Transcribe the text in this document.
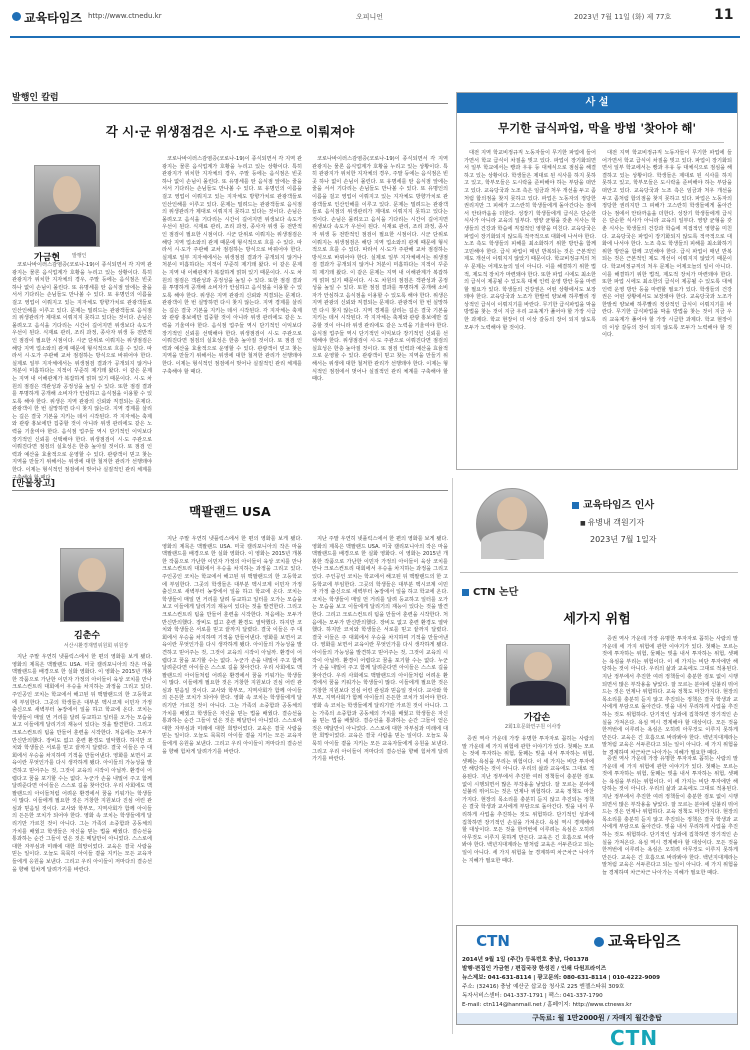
교육타임즈 http://www.ctnedu.kr	오피니언	2023년 7월 11일 (화) 제 77호	11
발행인 칼럼
각 시·군 위생점검은 시·도 주관으로 이뤄져야
가금현 발행인

코로나바이러스감염증(코로나-19)이 종식되면서 각 지역 관광지는 물론 음식업계가 호황을 누리고 있는 상황이다. 특히 관광지가 위치한 지자체의 경우, 주말 등에는 음식점은 빈곳 하나 없이 손님이 몰린다. 또 유명세를 탄 음식점 앞에는 줄을 서서 기다리는 손님들도 만나볼 수 있다. 또 유명인의 이름을 걸고 영업이 이뤄지고 있는 지자체도 방향가치로 관광객들로 인산인해를 이루고 있다. 문제는 밀려드는 관광객들로 음식점의 위생관리가 제대로 이뤄지지 못하고 있다는 것이다. 손님은 몰려오고 음식을 기다리는 시간이 길어지면 위생보다 속도가 우선이 된다. 식재료 관리, 조리 과정, 종사자 위생 등 전반적인 점검이 필요한 시점이다. 시군 단위로 이뤄지는 위생점검은 해당 지역 업소와의 관계 때문에 형식적으로 흐를 수 있다. 따라서 시·도가 주관해 교차 점검하는 방식으로 바뀌어야 한다. 실제로 일부 지자체에서는 위생점검 결과가 공개되지 않거나 처분이 미흡하다는 지적이 꾸준히 제기돼 왔다. 이 같은 문제는 지역 내 이해관계가 복잡하게 얽혀 있기 때문이다. 시·도 차원의 점검은 객관성과 공정성을 높일 수 있다. 또한 점검 결과를 투명하게 공개해 소비자가 안심하고 음식점을 이용할 수 있도록 해야 한다. 위생은 지역 관광의 신뢰와 직결되는 문제다. 관광객이 한 번 실망하면 다시 찾지 않는다. 지역 경제를 살리는 길은 결국 기본을 지키는 데서 시작된다. 각 지자체는 축제와 관광 홍보에만 집중할 것이 아니라 위생 관리에도 같은 노력을 기울여야 한다. 음식점 업주들 역시 단기적인 이익보다 장기적인 신뢰를 선택해야 한다. 위생점검이 시·도 주관으로 이뤄진다면 점검의 실효성은 한층 높아질 것이다. 또 점검 인력과 예산을 효율적으로 운영할 수 있다. 관광객이 믿고 찾는 지역을 만들기 위해서는 위생에 대한 철저한 관리가 선행돼야 한다. 이제는 형식적인 점검에서 벗어나 실질적인 관리 체계를 구축해야 할 때다.

코로나바이러스감염증(코로나-19)이 종식되면서 각 지역 관광지는 물론 음식업계가 호황을 누리고 있는 상황이다. 특히 관광지가 위치한 지자체의 경우, 주말 등에는 음식점은 빈곳 하나 없이 손님이 몰린다. 또 유명세를 탄 음식점 앞에는 줄을 서서 기다리는 손님들도 만나볼 수 있다. 또 유명인의 이름을 걸고 영업이 이뤄지고 있는 지자체도 방향가치로 관광객들로 인산인해를 이루고 있다. 문제는 밀려드는 관광객들로 음식점의 위생관리가 제대로 이뤄지지 못하고 있다는 것이다. 손님은 몰려오고 음식을 기다리는 시간이 길어지면 위생보다 속도가 우선이 된다. 식재료 관리, 조리 과정, 종사자 위생 등 전반적인 점검이 필요한 시점이다. 시군 단위로 이뤄지는 위생점검은 해당 지역 업소와의 관계 때문에 형식적으로 흐를 수 있다. 따라서 시·도가 주관해 교차 점검하는 방식으로 바뀌어야 한다. 실제로 일부 지자체에서는 위생점검 결과가 공개되지 않거나 처분이 미흡하다는 지적이 꾸준히 제기돼 왔다. 이 같은 문제는 지역 내 이해관계가 복잡하게 얽혀 있기 때문이다. 시·도 차원의 점검은 객관성과 공정성을 높일 수 있다. 또한 점검 결과를 투명하게 공개해 소비자가 안심하고 음식점을 이용할 수 있도록 해야 한다. 위생은 지역 관광의 신뢰와 직결되는 문제다. 관광객이 한 번 실망하면 다시 찾지 않는다. 지역 경제를 살리는 길은 결국 기본을 지키는 데서 시작된다. 각 지자체는 축제와 관광 홍보에만 집중할 것이 아니라 위생 관리에도 같은 노력을 기울여야 한다. 음식점 업주들 역시 단기적인 이익보다 장기적인 신뢰를 선택해야 한다. 위생점검이 시·도 주관으로 이뤄진다면 점검의 실효성은 한층 높아질 것이다. 또 점검 인력과 예산을 효율적으로 운영할 수 있다. 관광객이 믿고 찾는 지역을 만들기 위해서는 위생에 대한 철저한 관리가 선행돼야 한다. 이제는 형식적인 점검에서 벗어나 실질적인 관리 체계를 구축해야 할 때다.

코로나바이러스감염증(코로나-19)이 종식되면서 각 지역 관광지는 물론 음식업계가 호황을 누리고 있는 상황이다. 특히 관광지가 위치한 지자체의 경우, 주말 등에는 음식점은 빈곳 하나 없이 손님이 몰린다. 또 유명세를 탄 음식점 앞에는 줄을 서서 기다리는 손님들도 만나볼 수 있다. 또 유명인의 이름을 걸고 영업이 이뤄지고 있는 지자체도 방향가치로 관광객들로 인산인해를 이루고 있다. 문제는 밀려드는 관광객들로 음식점의 위생관리가 제대로 이뤄지지 못하고 있다는 것이다. 손님은 몰려오고 음식을 기다리는 시간이 길어지면 위생보다 속도가 우선이 된다. 식재료 관리, 조리 과정, 종사자 위생 등 전반적인 점검이 필요한 시점이다. 시군 단위로 이뤄지는 위생점검은 해당 지역 업소와의 관계 때문에 형식적으로 흐를 수 있다. 따라서 시·도가 주관해 교차 점검하는 방식으로 바뀌어야 한다. 실제로 일부 지자체에서는 위생점검 결과가 공개되지 않거나 처분이 미흡하다는 지적이 꾸준히 제기돼 왔다. 이 같은 문제는 지역 내 이해관계가 복잡하게 얽혀 있기 때문이다. 시·도 차원의 점검은 객관성과 공정성을 높일 수 있다. 또한 점검 결과를 투명하게 공개해 소비자가 안심하고 음식점을 이용할 수 있도록 해야 한다. 위생은 지역 관광의 신뢰와 직결되는 문제다. 관광객이 한 번 실망하면 다시 찾지 않는다. 지역 경제를 살리는 길은 결국 기본을 지키는 데서 시작된다. 각 지자체는 축제와 관광 홍보에만 집중할 것이 아니라 위생 관리에도 같은 노력을 기울여야 한다. 음식점 업주들 역시 단기적인 이익보다 장기적인 신뢰를 선택해야 한다. 위생점검이 시·도 주관으로 이뤄진다면 점검의 실효성은 한층 높아질 것이다. 또 점검 인력과 예산을 효율적으로 운영할 수 있다. 관광객이 믿고 찾는 지역을 만들기 위해서는 위생에 대한 철저한 관리가 선행돼야 한다. 이제는 형식적인 점검에서 벗어나 실질적인 관리 체계를 구축해야 할 때다.

사 설
무기한 급식파업, 막을 방법 '찾아야 해'

대전 지역 학교비정규직 노동자들이 무기한 파업에 들어가면서 학교 급식이 차질을 빚고 있다. 파업이 장기화되면서 일부 학교에서는 빵과 우유 등 대체식으로 점심을 해결하고 있는 상황이다. 학생들은 제대로 된 식사를 하지 못하고 있고, 학부모들은 도시락을 준비해야 하는 부담을 떠안고 있다. 교육당국과 노조 측은 임금과 처우 개선을 두고 좀처럼 합의점을 찾지 못하고 있다. 파업은 노동자의 정당한 권리지만 그 피해가 고스란히 학생들에게 돌아간다는 점에서 안타까움을 더한다. 성장기 학생들에게 급식은 단순한 식사가 아니라 교육의 일부다. 영양 균형을 갖춘 식사는 학생들의 건강과 학습에 직접적인 영향을 미친다. 교육당국은 파업이 장기화되지 않도록 적극적으로 대화에 나서야 한다. 노조 측도 학생들의 피해를 최소화하기 위한 방안을 함께 고민해야 한다. 급식 파업이 매년 반복되는 것은 근본적인 제도 개선이 이뤄지지 않았기 때문이다. 학교비정규직의 처우 문제는 어제오늘의 일이 아니다. 이를 해결하기 위한 법적, 제도적 장치가 마련돼야 한다. 또한 파업 시에도 최소한의 급식이 제공될 수 있도록 대체 인력 운영 방안 등을 마련할 필요가 있다. 학생들의 건강권은 어떤 상황에서도 보장돼야 한다. 교육당국과 노조가 한발씩 양보해 하루빨리 정상적인 급식이 이뤄지기를 바란다. 무기한 급식파업을 막을 방법을 찾는 것이 지금 우리 교육계가 풀어야 할 가장 시급한 과제다. 학교 현장이 더 이상 갈등의 장이 되지 않도록 모두가 노력해야 할 것이다.

대전 지역 학교비정규직 노동자들이 무기한 파업에 들어가면서 학교 급식이 차질을 빚고 있다. 파업이 장기화되면서 일부 학교에서는 빵과 우유 등 대체식으로 점심을 해결하고 있는 상황이다. 학생들은 제대로 된 식사를 하지 못하고 있고, 학부모들은 도시락을 준비해야 하는 부담을 떠안고 있다. 교육당국과 노조 측은 임금과 처우 개선을 두고 좀처럼 합의점을 찾지 못하고 있다. 파업은 노동자의 정당한 권리지만 그 피해가 고스란히 학생들에게 돌아간다는 점에서 안타까움을 더한다. 성장기 학생들에게 급식은 단순한 식사가 아니라 교육의 일부다. 영양 균형을 갖춘 식사는 학생들의 건강과 학습에 직접적인 영향을 미친다. 교육당국은 파업이 장기화되지 않도록 적극적으로 대화에 나서야 한다. 노조 측도 학생들의 피해를 최소화하기 위한 방안을 함께 고민해야 한다. 급식 파업이 매년 반복되는 것은 근본적인 제도 개선이 이뤄지지 않았기 때문이다. 학교비정규직의 처우 문제는 어제오늘의 일이 아니다. 이를 해결하기 위한 법적, 제도적 장치가 마련돼야 한다. 또한 파업 시에도 최소한의 급식이 제공될 수 있도록 대체 인력 운영 방안 등을 마련할 필요가 있다. 학생들의 건강권은 어떤 상황에서도 보장돼야 한다. 교육당국과 노조가 한발씩 양보해 하루빨리 정상적인 급식이 이뤄지기를 바란다. 무기한 급식파업을 막을 방법을 찾는 것이 지금 우리 교육계가 풀어야 할 가장 시급한 과제다. 학교 현장이 더 이상 갈등의 장이 되지 않도록 모두가 노력해야 할 것이다.

[만물창고]
맥팔랜드 USA
김춘수
서산시환경재벌위원회 위원장

지난 주말 우연히 넷플릭스에서 한 편의 영화를 보게 됐다. 영화의 제목은 맥팔랜드 USA. 미국 캘리포니아의 작은 마을 맥팔랜드를 배경으로 한 실화 영화다. 이 영화는 2015년 개봉한 작품으로 가난한 이민자 가정의 아이들이 육상 코치를 만나 크로스컨트리 대회에서 우승을 차지하는 과정을 그리고 있다. 주인공인 코치는 학교에서 해고된 뒤 맥팔랜드의 한 고등학교에 부임한다. 그곳의 학생들은 대부분 멕시코계 이민자 가정 출신으로 새벽부터 농장에서 일을 하고 학교에 온다. 코치는 학생들이 매일 먼 거리를 달려 등교하고 일터를 오가는 모습을 보고 이들에게 달리기의 재능이 있다는 것을 발견한다. 그리고 크로스컨트리 팀을 만들어 훈련을 시작한다. 처음에는 모두가 반신반의했다. 장비도 없고 훈련 환경도 열악했다. 하지만 코치와 학생들은 서로를 믿고 끝까지 달렸다. 결국 이들은 주 대회에서 우승을 차지하며 기적을 만들어낸다. 영화를 보면서 교육이란 무엇인가를 다시 생각하게 됐다. 아이들의 가능성을 발견하고 믿어주는 것, 그것이 교육의 시작이 아닐까. 환경이 어렵다고 꿈을 포기할 수는 없다. 누군가 손을 내밀어 주고 함께 달려준다면 아이들은 스스로 길을 찾아간다. 우리 사회에도 맥팔랜드의 아이들처럼 어려운 환경에서 꿈을 키워가는 학생들이 많다. 이들에게 필요한 것은 거창한 지원보다 진심 어린 관심과 믿음일 것이다. 교사와 학부모, 지역사회가 함께 아이들의 든든한 코치가 되어야 한다. 영화 속 코치는 학생들에게 달리기만 가르친 것이 아니다. 그는 가족의 소중함과 공동체의 가치를 배웠고 학생들은 자신을 믿는 법을 배웠다. 결승선을 통과하는 순간 그들이 얻은 것은 메달만이 아니었다. 스스로에 대한 자부심과 미래에 대한 희망이었다. 교육은 결국 사람을 믿는 일이다. 오늘도 묵묵히 아이들 곁을 지키는 모든 교육자들에게 응원을 보낸다. 그리고 우리 아이들이 저마다의 결승선을 향해 힘차게 달려가기를 바란다.

지난 주말 우연히 넷플릭스에서 한 편의 영화를 보게 됐다. 영화의 제목은 맥팔랜드 USA. 미국 캘리포니아의 작은 마을 맥팔랜드를 배경으로 한 실화 영화다. 이 영화는 2015년 개봉한 작품으로 가난한 이민자 가정의 아이들이 육상 코치를 만나 크로스컨트리 대회에서 우승을 차지하는 과정을 그리고 있다. 주인공인 코치는 학교에서 해고된 뒤 맥팔랜드의 한 고등학교에 부임한다. 그곳의 학생들은 대부분 멕시코계 이민자 가정 출신으로 새벽부터 농장에서 일을 하고 학교에 온다. 코치는 학생들이 매일 먼 거리를 달려 등교하고 일터를 오가는 모습을 보고 이들에게 달리기의 재능이 있다는 것을 발견한다. 그리고 크로스컨트리 팀을 만들어 훈련을 시작한다. 처음에는 모두가 반신반의했다. 장비도 없고 훈련 환경도 열악했다. 하지만 코치와 학생들은 서로를 믿고 끝까지 달렸다. 결국 이들은 주 대회에서 우승을 차지하며 기적을 만들어낸다. 영화를 보면서 교육이란 무엇인가를 다시 생각하게 됐다. 아이들의 가능성을 발견하고 믿어주는 것, 그것이 교육의 시작이 아닐까. 환경이 어렵다고 꿈을 포기할 수는 없다. 누군가 손을 내밀어 주고 함께 달려준다면 아이들은 스스로 길을 찾아간다. 우리 사회에도 맥팔랜드의 아이들처럼 어려운 환경에서 꿈을 키워가는 학생들이 많다. 이들에게 필요한 것은 거창한 지원보다 진심 어린 관심과 믿음일 것이다. 교사와 학부모, 지역사회가 함께 아이들의 든든한 코치가 되어야 한다. 영화 속 코치는 학생들에게 달리기만 가르친 것이 아니다. 그는 가족의 소중함과 공동체의 가치를 배웠고 학생들은 자신을 믿는 법을 배웠다. 결승선을 통과하는 순간 그들이 얻은 것은 메달만이 아니었다. 스스로에 대한 자부심과 미래에 대한 희망이었다. 교육은 결국 사람을 믿는 일이다. 오늘도 묵묵히 아이들 곁을 지키는 모든 교육자들에게 응원을 보낸다. 그리고 우리 아이들이 저마다의 결승선을 향해 힘차게 달려가기를 바란다.

지난 주말 우연히 넷플릭스에서 한 편의 영화를 보게 됐다. 영화의 제목은 맥팔랜드 USA. 미국 캘리포니아의 작은 마을 맥팔랜드를 배경으로 한 실화 영화다. 이 영화는 2015년 개봉한 작품으로 가난한 이민자 가정의 아이들이 육상 코치를 만나 크로스컨트리 대회에서 우승을 차지하는 과정을 그리고 있다. 주인공인 코치는 학교에서 해고된 뒤 맥팔랜드의 한 고등학교에 부임한다. 그곳의 학생들은 대부분 멕시코계 이민자 가정 출신으로 새벽부터 농장에서 일을 하고 학교에 온다. 코치는 학생들이 매일 먼 거리를 달려 등교하고 일터를 오가는 모습을 보고 이들에게 달리기의 재능이 있다는 것을 발견한다. 그리고 크로스컨트리 팀을 만들어 훈련을 시작한다. 처음에는 모두가 반신반의했다. 장비도 없고 훈련 환경도 열악했다. 하지만 코치와 학생들은 서로를 믿고 끝까지 달렸다. 결국 이들은 주 대회에서 우승을 차지하며 기적을 만들어낸다. 영화를 보면서 교육이란 무엇인가를 다시 생각하게 됐다. 아이들의 가능성을 발견하고 믿어주는 것, 그것이 교육의 시작이 아닐까. 환경이 어렵다고 꿈을 포기할 수는 없다. 누군가 손을 내밀어 주고 함께 달려준다면 아이들은 스스로 길을 찾아간다. 우리 사회에도 맥팔랜드의 아이들처럼 어려운 환경에서 꿈을 키워가는 학생들이 많다. 이들에게 필요한 것은 거창한 지원보다 진심 어린 관심과 믿음일 것이다. 교사와 학부모, 지역사회가 함께 아이들의 든든한 코치가 되어야 한다. 영화 속 코치는 학생들에게 달리기만 가르친 것이 아니다. 그는 가족의 소중함과 공동체의 가치를 배웠고 학생들은 자신을 믿는 법을 배웠다. 결승선을 통과하는 순간 그들이 얻은 것은 메달만이 아니었다. 스스로에 대한 자부심과 미래에 대한 희망이었다. 교육은 결국 사람을 믿는 일이다. 오늘도 묵묵히 아이들 곁을 지키는 모든 교육자들에게 응원을 보낸다. 그리고 우리 아이들이 저마다의 결승선을 향해 힘차게 달려가기를 바란다.

교육타임즈 인사
■ 유병내 객원기자
2023년 7월 1일자
CTN 논단
세가지 위험

증권 역사 가운데 가장 유명한 투자자로 꼽히는 사람의 말 가운데 세 가지 위험에 관한 이야기가 있다. 첫째는 모르는 것에 투자하는 위험, 둘째는 빚을 내서 투자하는 위험, 셋째는 욕심을 부리는 위험이다. 이 세 가지는 비단 투자에만 해당하는 것이 아니다. 우리의 삶과 교육에도 그대로 적용된다. 지난 정부에서 추진한 여러 정책들이 충분한 검토 없이 시행되면서 많은 부작용을 낳았다. 잘 모르는 분야에 섣불리 뛰어드는 것은 언제나 위험하다. 교육 정책도 마찬가지다. 현장의 목소리를 충분히 듣지 않고 추진되는 정책은 결국 학생과 교사에게 부담으로 돌아간다. 빚을 내서 무리하게 사업을 추진하는 것도 위험하다. 단기적인 성과에 집착하면 장기적인 손실을 가져온다. 욕심 역시 경계해야 할 대상이다. 모든 것을 한꺼번에 이루려는 욕심은 오히려 아무것도 이루지 못하게 만든다. 교육은 긴 호흡으로 바라봐야 한다. 백년지대계라는 말처럼 교육은 서두른다고 되는 일이 아니다. 세 가지 위험을 늘 경계하며 차근차근 나아가는 지혜가 필요한 때다.

가갑손
2회1호문화연구원 이사장

증권 역사 가운데 가장 유명한 투자자로 꼽히는 사람의 말 가운데 세 가지 위험에 관한 이야기가 있다. 첫째는 모르는 것에 투자하는 위험, 둘째는 빚을 내서 투자하는 위험, 셋째는 욕심을 부리는 위험이다. 이 세 가지는 비단 투자에만 해당하는 것이 아니다. 우리의 삶과 교육에도 그대로 적용된다. 지난 정부에서 추진한 여러 정책들이 충분한 검토 없이 시행되면서 많은 부작용을 낳았다. 잘 모르는 분야에 섣불리 뛰어드는 것은 언제나 위험하다. 교육 정책도 마찬가지다. 현장의 목소리를 충분히 듣지 않고 추진되는 정책은 결국 학생과 교사에게 부담으로 돌아간다. 빚을 내서 무리하게 사업을 추진하는 것도 위험하다. 단기적인 성과에 집착하면 장기적인 손실을 가져온다. 욕심 역시 경계해야 할 대상이다. 모든 것을 한꺼번에 이루려는 욕심은 오히려 아무것도 이루지 못하게 만든다. 교육은 긴 호흡으로 바라봐야 한다. 백년지대계라는 말처럼 교육은 서두른다고 되는 일이 아니다. 세 가지 위험을 늘 경계하며 차근차근 나아가는 지혜가 필요한 때다.

증권 역사 가운데 가장 유명한 투자자로 꼽히는 사람의 말 가운데 세 가지 위험에 관한 이야기가 있다. 첫째는 모르는 것에 투자하는 위험, 둘째는 빚을 내서 투자하는 위험, 셋째는 욕심을 부리는 위험이다. 이 세 가지는 비단 투자에만 해당하는 것이 아니다. 우리의 삶과 교육에도 그대로 적용된다. 지난 정부에서 추진한 여러 정책들이 충분한 검토 없이 시행되면서 많은 부작용을 낳았다. 잘 모르는 분야에 섣불리 뛰어드는 것은 언제나 위험하다. 교육 정책도 마찬가지다. 현장의 목소리를 충분히 듣지 않고 추진되는 정책은 결국 학생과 교사에게 부담으로 돌아간다. 빚을 내서 무리하게 사업을 추진하는 것도 위험하다. 단기적인 성과에 집착하면 장기적인 손실을 가져온다. 욕심 역시 경계해야 할 대상이다. 모든 것을 한꺼번에 이루려는 욕심은 오히려 아무것도 이루지 못하게 만든다. 교육은 긴 호흡으로 바라봐야 한다. 백년지대계라는 말처럼 교육은 서두른다고 되는 일이 아니다. 세 가지 위험을 늘 경계하며 차근차근 나아가는 지혜가 필요한 때다.

CTN	교육타임즈
2014년 9월 1일 (주간) 등록번호 충남, 다01378
발행·편집인 가금현 / 편집국장 한성진 / 인쇄 다원프라이즈
뉴스제보: 041-631-8114 | 광고문의: 080-631-8114 | 010-4222-9009
주소: (32416) 충남 예산군 삽교읍 청사로 225 엔젤스타워 309호
독자서비스센터: 041-337-1791 | 팩스: 041-337-1790
E-mail: ctn114@hanmail.net / 홈페이지: http://www.ctnews.kr
구독료: 월 1만2000원 / 자매지 월간충탑
CTN
